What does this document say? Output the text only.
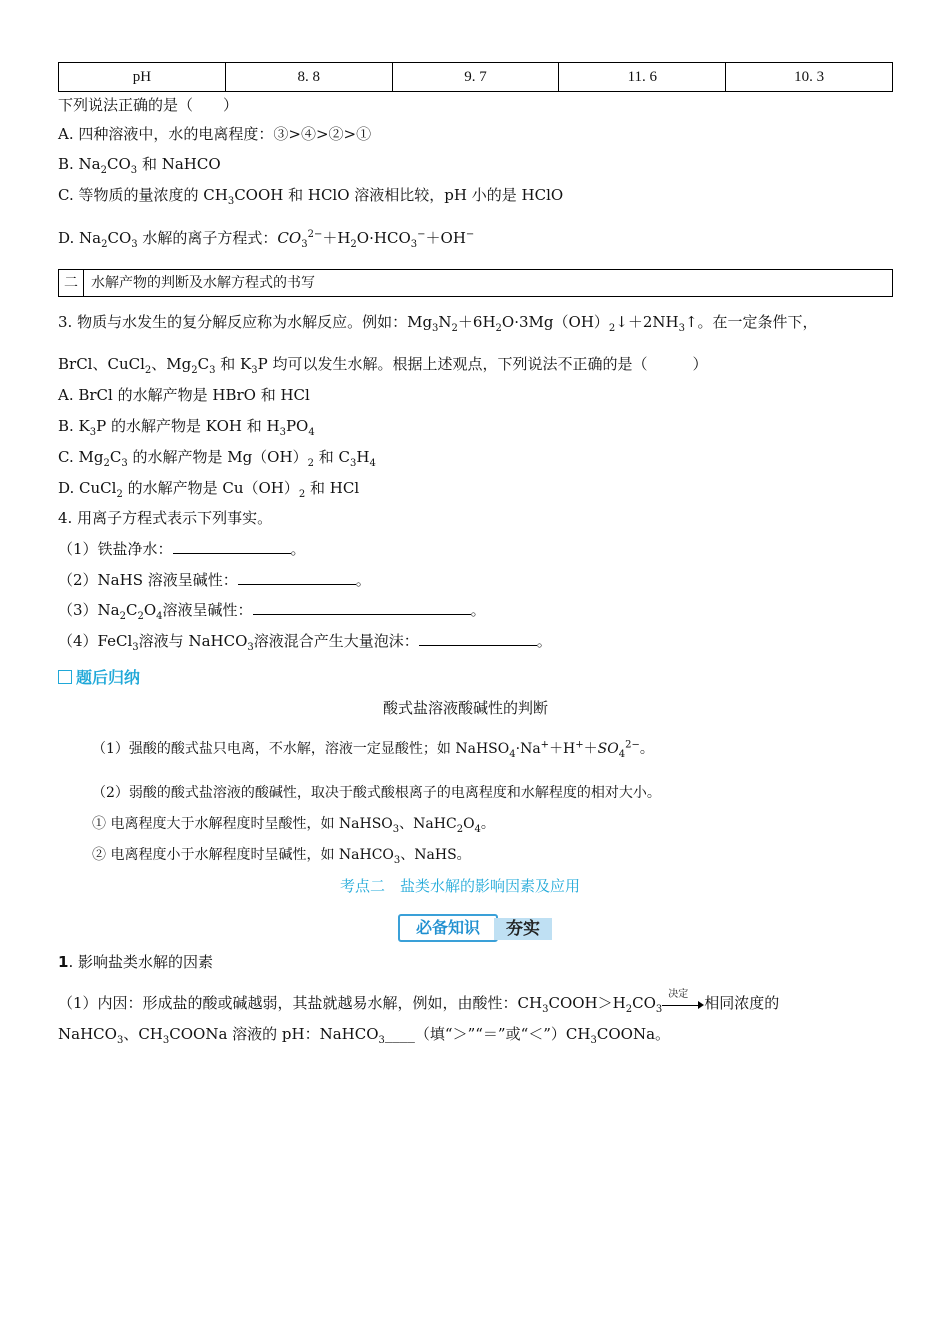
pH	8. 8	9. 7	11. 6	10. 3
下列说法正确的是（　　）
A. 四种溶液中，水的电离程度：③>④>②>①
B. $Na_2CO_3$ 和 NaHCO
C. 等物质的量浓度的 $CH_3COOH$ 和 HClO 溶液相比较，pH 小的是 HClO
D. $Na_2CO_3$ 水解的离子方程式：$CO_3^{2-}+H_2O\cdot HCO_3^-+OH^-$
二 水解产物的判断及水解方程式的书写
3. 物质与水发生的复分解反应称为水解反应。例如：$Mg_3N_2+6H_2O\cdot 3Mg(OH)_2↓+2NH_3↑$。在一定条件下，
BrCl、CuCl$_2$、$Mg_2C_3$ 和 $K_3P$ 均可以发生水解。根据上述观点，下列说法不正确的是（　　　）
A. BrCl 的水解产物是 HBrO 和 HCl
B. $K_3P$ 的水解产物是 KOH 和 $H_3PO_4$
C. $Mg_2C_3$ 的水解产物是 $Mg(OH)_2$ 和 $C_3H_4$
D. CuCl$_2$ 的水解产物是 $Cu(OH)_2$ 和 HCl
4. 用离子方程式表示下列事实。
（1）铁盐净水：	。
（2）NaHS 溶液呈碱性：	。
$(3)Na_2C_2O_4$溶液呈碱性：	。
（4）FeCl$_3$溶液与 NaHCO$_3$溶液混合产生大量泡沫：	。
题后归纳
酸式盐溶液酸碱性的判断
（1）强酸的酸式盐只电离，不水解，溶液一定显酸性；如 $NaHSO_4\cdot Na^++H^++SO_4^{2-}$。
（2）弱酸的酸式盐溶液的酸碱性，取决于酸式酸根离子的电离程度和水解程度的相对大小。
① 电离程度大于水解程度时呈酸性，如 NaHSO$_3$、$NaHC_2O_4$。
② 电离程度小于水解程度时呈碱性，如 NaHCO$_3$、NaHS。
考点二　盐类水解的影响因素及应用
必备知识	夯实
1. 影响盐类水解的因素
（1）内因：形成盐的酸或碱越弱，其盐就越易水解，例如，由酸性：$CH_3COOH>H_2CO_3$
决定 相同浓度的
NaHCO$_3$、$CH_3COONa$ 溶液的 pH：NaHCO$_3$____（填“＞”“＝”或“$<”)CH_3COONa$。
